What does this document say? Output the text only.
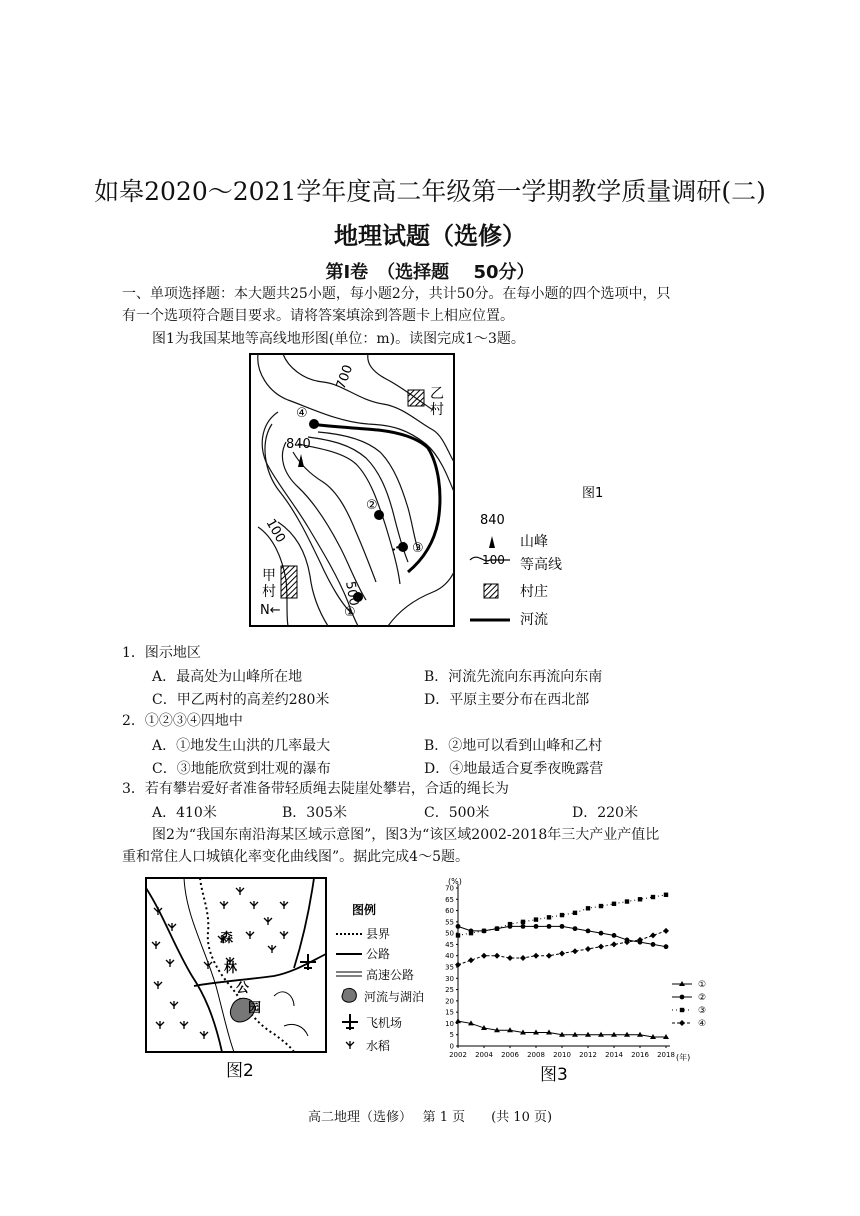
如皋2020～2021学年度高二年级第一学期教学质量调研(二)
地理试题（选修）
第Ⅰ卷　（选择题　 50分）
一、单项选择题：本大题共25小题，每小题2分，共计50分。在每小题的四个选项中，只
有一个选项符合题目要求。请将答案填涂到答题卡上相应位置。
图1为我国某地等高线地形图(单位：m)。读图完成1～3题。
④
②
③
①
840
700
500
100
N←
乙
村
甲
村
图1
840
山峰
100 等高线
村庄
河流
1．图示地区
A．最高处为山峰所在地	B．河流先流向东再流向东南
C．甲乙两村的高差约280米	D．平原主要分布在西北部
2．①②③④四地中
A．①地发生山洪的几率最大	B．②地可以看到山峰和乙村
C．③地能欣赏到壮观的瀑布	D．④地最适合夏季夜晚露营
3．若有攀岩爱好者准备带轻质绳去陡崖处攀岩，合适的绳长为
A．410米	B．305米	C．500米	D．220米
图2为“我国东南沿海某区域示意图”，图3为“该区域2002-2018年三大产业产值比
重和常住人口城镇化率变化曲线图”。据此完成4～5题。
森
林
公
园
图2
图例
县界
公路
高速公路
河流与湖泊
飞机场
水稻	0
5
10
15
20
25
30
35
40
45
50
55
60
65
70
2002 2004 2006 2008 2010 2012 2014 2016 2018
①
②
③
④
(%)
(年)
图3
高二地理（选修）　 第 1 页　　(共 10 页)
